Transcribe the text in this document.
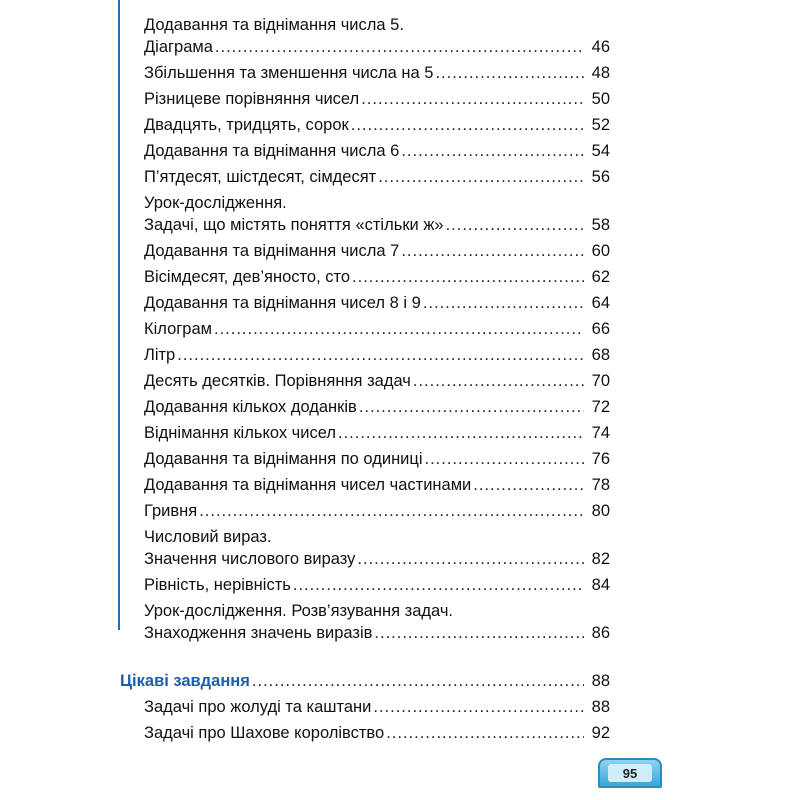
Додавання та віднімання числа 5.
Діаграма .....	46
Збільшення та зменшення числа на 5 .....	48
Різницеве порівняння чисел .....	50
Двадцять, тридцять, сорок .....	52
Додавання та віднімання числа 6 .....	54
П’ятдесят, шістдесят, сімдесят .....	56
Урок-дослідження.
Задачі, що містять поняття «стільки ж» .....	58
Додавання та віднімання числа 7 .....	60
Вісімдесят, дев’яносто, сто .....	62
Додавання та віднімання чисел 8 і 9 .....	64
Кілограм .....	66
Літр .....	68
Десять десятків. Порівняння задач .....	70
Додавання кількох доданків .....	72
Віднімання кількох чисел .....	74
Додавання та віднімання по одиниці .....	76
Додавання та віднімання чисел частинами .....	78
Гривня .....	80
Числовий вираз.
Значення числового виразу .....	82
Рівність, нерівність .....	84
Урок-дослідження. Розв’язування задач.
Знаходження значень виразів .....	86
Цікаві завдання .....	88
Задачі про жолуді та каштани .....	88
Задачі про Шахове королівство .....	92
95
